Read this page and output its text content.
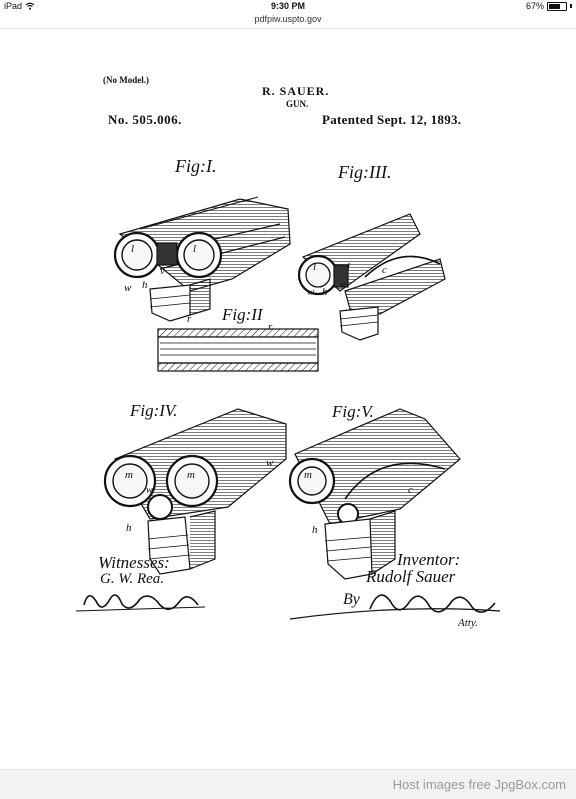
iPad	9:30 PM	67%
pdfpiw.uspto.gov
(No Model.)
R. SAUER.
GUN.
No. 505.006.	Patented Sept. 12, 1893.
Fig:I.	Fig:III.
Fig:II
Fig:IV.	Fig:V.
l	l
v
w h
l	l
v
w h
c
r
r
m	m
w
h
m
w
h
c
Witnesses:
G. W. Rea.
Inventor:
Rudolf Sauer
By
Atty.
Host images free JpgBox.com
